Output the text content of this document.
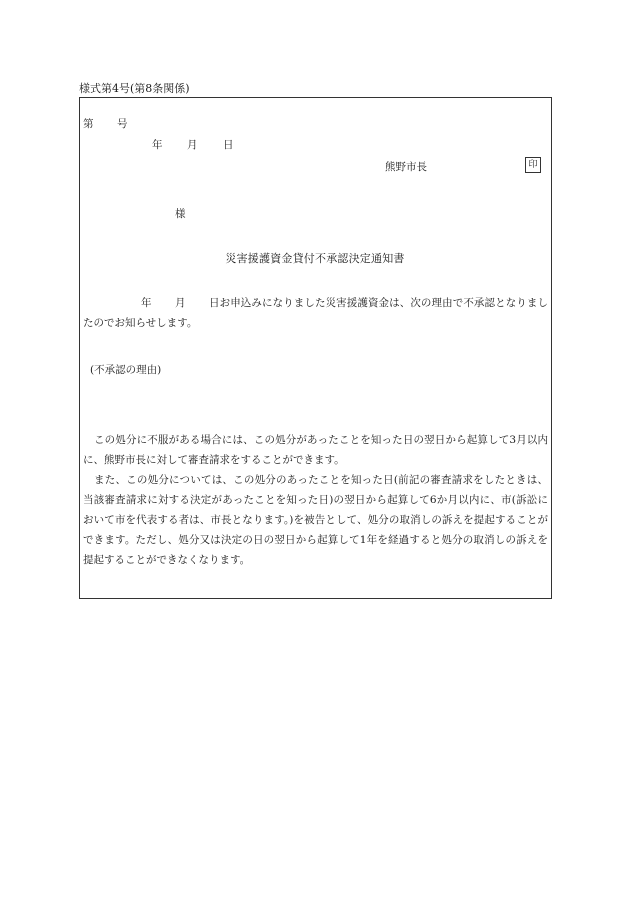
様式第4号(第8条関係)
第 号
年 月 日
熊野市長	印
様
災害援護資金貸付不承認決定通知書
年 月	日お申込みになりました災害援護資金は、次の理由で不承認となりましたのでお知らせします。
(不承認の理由)
この処分に不服がある場合には、この処分があったことを知った日の翌日から起算して3月以内に、熊野市長に対して審査請求をすることができます。
また、この処分については、この処分のあったことを知った日(前記の審査請求をしたときは、当該審査請求に対する決定があったことを知った日)の翌日から起算して6か月以内に、市(訴訟において市を代表する者は、市長となります。)を被告として、処分の取消しの訴えを提起することができます。ただし、処分又は決定の日の翌日から起算して1年を経過すると処分の取消しの訴えを提起することができなくなります。
